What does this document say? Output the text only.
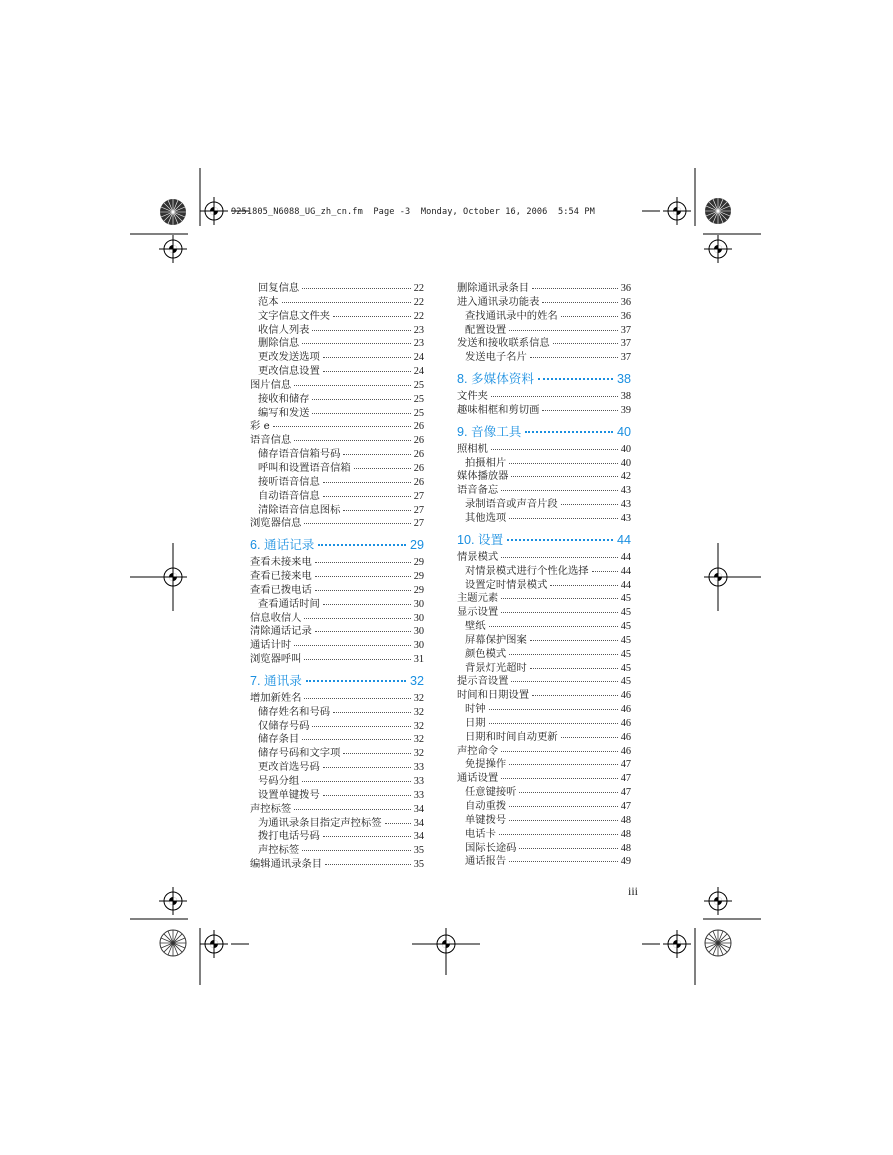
9251805_N6088_UG_zh_cn.fm  Page -3  Monday, October 16, 2006  5:54 PM
回复信息	22
范本	22
文字信息文件夹	22
收信人列表	23
删除信息	23
更改发送选项	24
更改信息设置	24
图片信息	25
接收和储存	25
编写和发送	25
彩 e	26
语音信息	26
储存语音信箱号码	26
呼叫和设置语音信箱	26
接听语音信息	26
自动语音信息	27
清除语音信息图标	27
浏览器信息	27
6. 通话记录	29
查看未接来电	29
查看已接来电	29
查看已拨电话	29
查看通话时间	30
信息收信人	30
清除通话记录	30
通话计时	30
浏览器呼叫	31
7. 通讯录	32
增加新姓名	32
储存姓名和号码	32
仅储存号码	32
储存条目	32
储存号码和文字项	32
更改首选号码	33
号码分组	33
设置单键拨号	33
声控标签	34
为通讯录条目指定声控标签	34
拨打电话号码	34
声控标签	35
编辑通讯录条目	35
删除通讯录条目	36
进入通讯录功能表	36
查找通讯录中的姓名	36
配置设置	37
发送和接收联系信息	37
发送电子名片	37
8. 多媒体资料	38
文件夹	38
趣味相框和剪切画	39
9. 音像工具	40
照相机	40
拍摄相片	40
媒体播放器	42
语音备忘	43
录制语音或声音片段	43
其他选项	43
10. 设置	44
情景模式	44
对情景模式进行个性化选择	44
设置定时情景模式	44
主题元素	45
显示设置	45
壁纸	45
屏幕保护图案	45
颜色模式	45
背景灯光超时	45
提示音设置	45
时间和日期设置	46
时钟	46
日期	46
日期和时间自动更新	46
声控命令	46
免提操作	47
通话设置	47
任意键接听	47
自动重拨	47
单键拨号	48
电话卡	48
国际长途码	48
通话报告	49
iii
